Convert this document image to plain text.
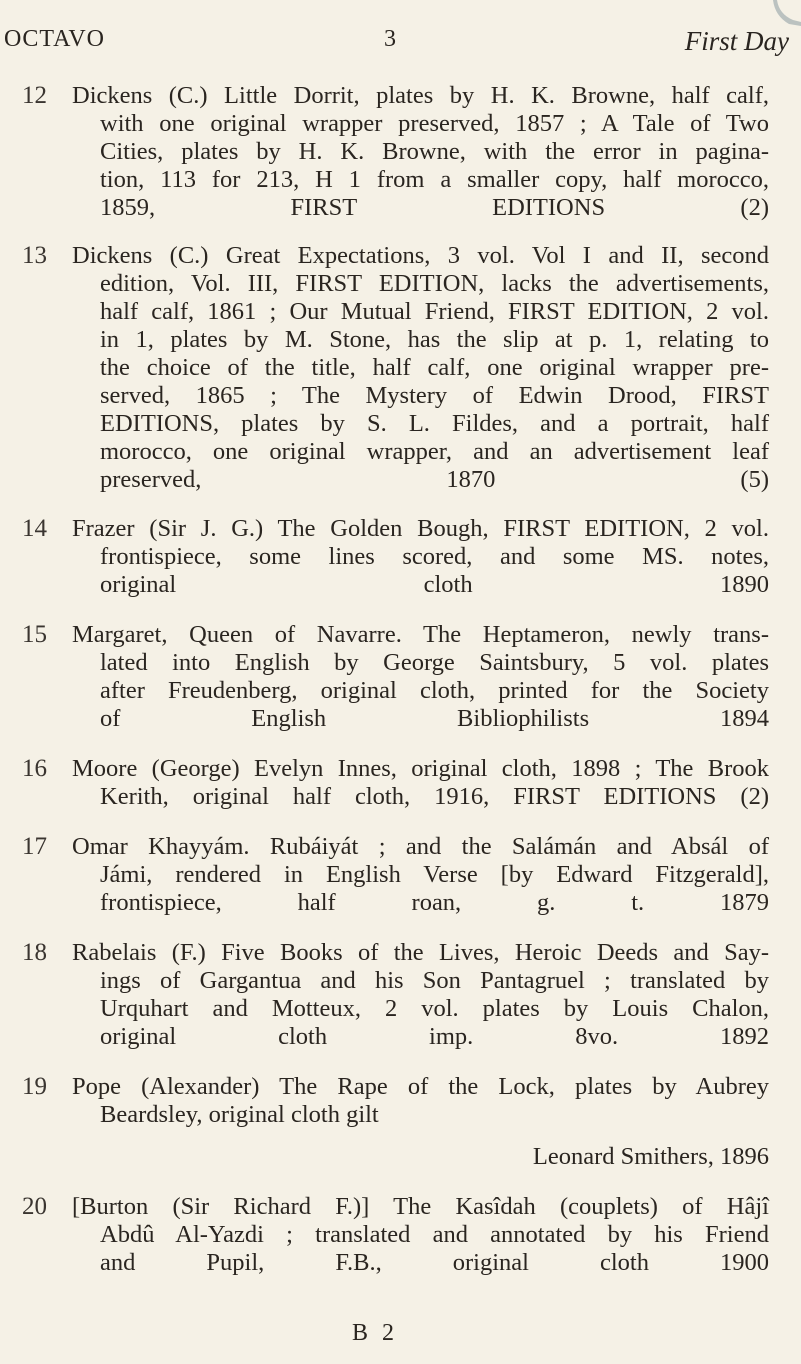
OCTAVO	3	First Day
12 Dickens (C.) Little Dorrit, plates by H. K. Browne, half calf,
with one original wrapper preserved, 1857 ; A Tale of Two
Cities, plates by H. K. Browne, with the error in pagina-
tion, 113 for 213, H 1 from a smaller copy, half morocco,
1859, FIRST EDITIONS (2)
13 Dickens (C.) Great Expectations, 3 vol. Vol I and II, second
edition, Vol. III, FIRST EDITION, lacks the advertisements,
half calf, 1861 ; Our Mutual Friend, FIRST EDITION, 2 vol.
in 1, plates by M. Stone, has the slip at p. 1, relating to
the choice of the title, half calf, one original wrapper pre-
served, 1865 ; The Mystery of Edwin Drood, FIRST
EDITIONS, plates by S. L. Fildes, and a portrait, half
morocco, one original wrapper, and an advertisement leaf
preserved, 1870 (5)
14 Frazer (Sir J. G.) The Golden Bough, FIRST EDITION, 2 vol.
frontispiece, some lines scored, and some MS. notes,
original cloth 1890
15 Margaret, Queen of Navarre. The Heptameron, newly trans-
lated into English by George Saintsbury, 5 vol. plates
after Freudenberg, original cloth, printed for the Society
of English Bibliophilists 1894
16 Moore (George) Evelyn Innes, original cloth, 1898 ; The Brook
Kerith, original half cloth, 1916, FIRST EDITIONS (2)
17 Omar Khayyám. Rubáiyát ; and the Salámán and Absál of
Jámi, rendered in English Verse [by Edward Fitzgerald],
frontispiece, half roan, g. t. 1879
18 Rabelais (F.) Five Books of the Lives, Heroic Deeds and Say-
ings of Gargantua and his Son Pantagruel ; translated by
Urquhart and Motteux, 2 vol. plates by Louis Chalon,
original cloth imp. 8vo. 1892
19 Pope (Alexander) The Rape of the Lock, plates by Aubrey
Beardsley, original cloth gilt
Leonard Smithers, 1896
20 [Burton (Sir Richard F.)] The Kasîdah (couplets) of Hâjî
Abdû Al-Yazdi ; translated and annotated by his Friend
and Pupil, F.B., original cloth 1900
B 2
